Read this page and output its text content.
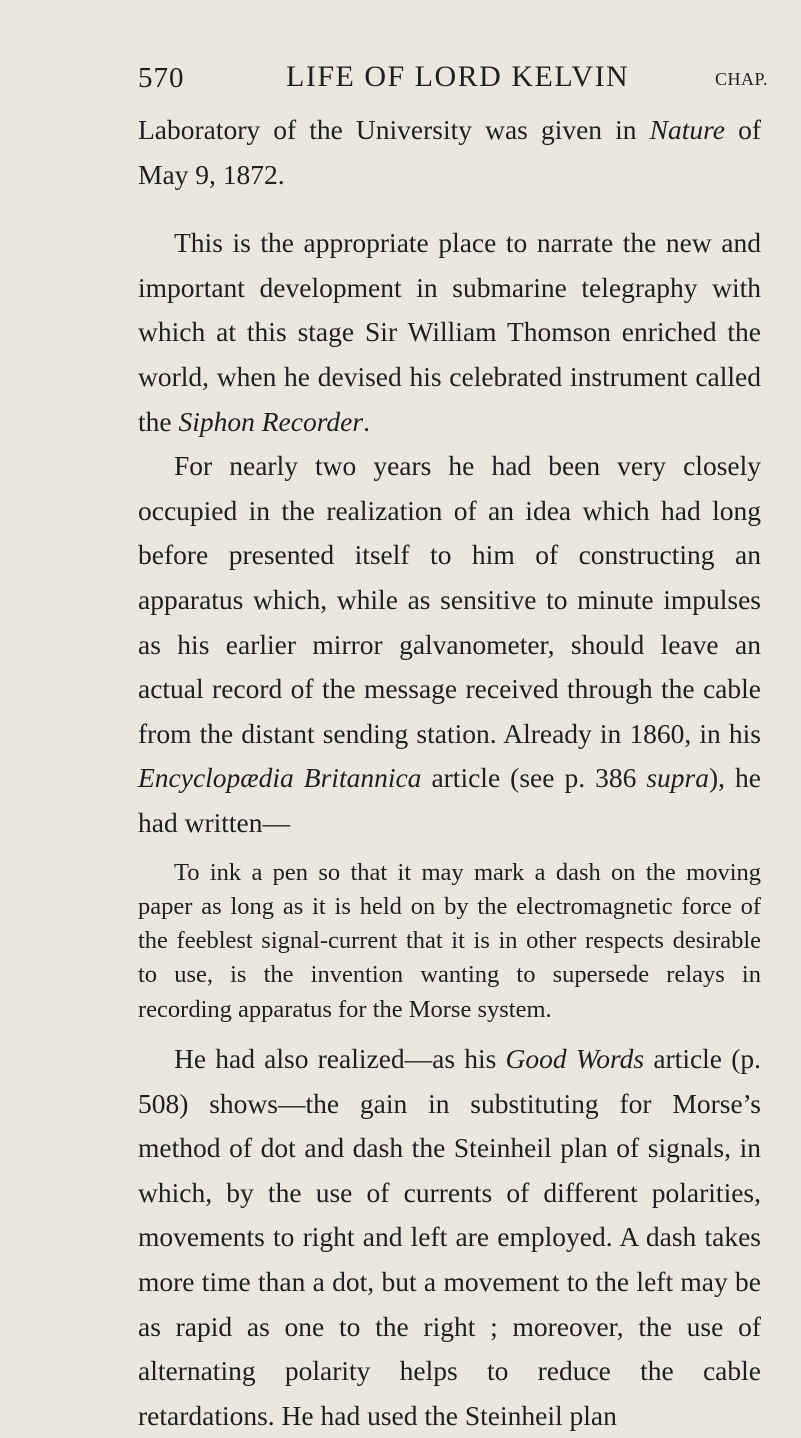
570	LIFE OF LORD KELVIN	CHAP.

Laboratory of the University was given in Nature of May 9, 1872.

This is the appropriate place to narrate the new and important development in submarine telegraphy with which at this stage Sir William Thomson enriched the world, when he devised his celebrated instrument called the Siphon Recorder.

For nearly two years he had been very closely occupied in the realization of an idea which had long before presented itself to him of constructing an apparatus which, while as sensitive to minute impulses as his earlier mirror galvanometer, should leave an actual record of the message received through the cable from the distant sending station. Already in 1860, in his Encyclopædia Britannica article (see p. 386 supra), he had written—

To ink a pen so that it may mark a dash on the moving paper as long as it is held on by the electromagnetic force of the feeblest signal-current that it is in other respects desirable to use, is the invention wanting to supersede relays in recording apparatus for the Morse system.

He had also realized—as his Good Words article (p. 508) shows—the gain in substituting for Morse’s method of dot and dash the Steinheil plan of signals, in which, by the use of currents of different polarities, movements to right and left are employed. A dash takes more time than a dot, but a movement to the left may be as rapid as one to the right ; moreover, the use of alternating polarity helps to reduce the cable retardations. He had used the Steinheil plan
